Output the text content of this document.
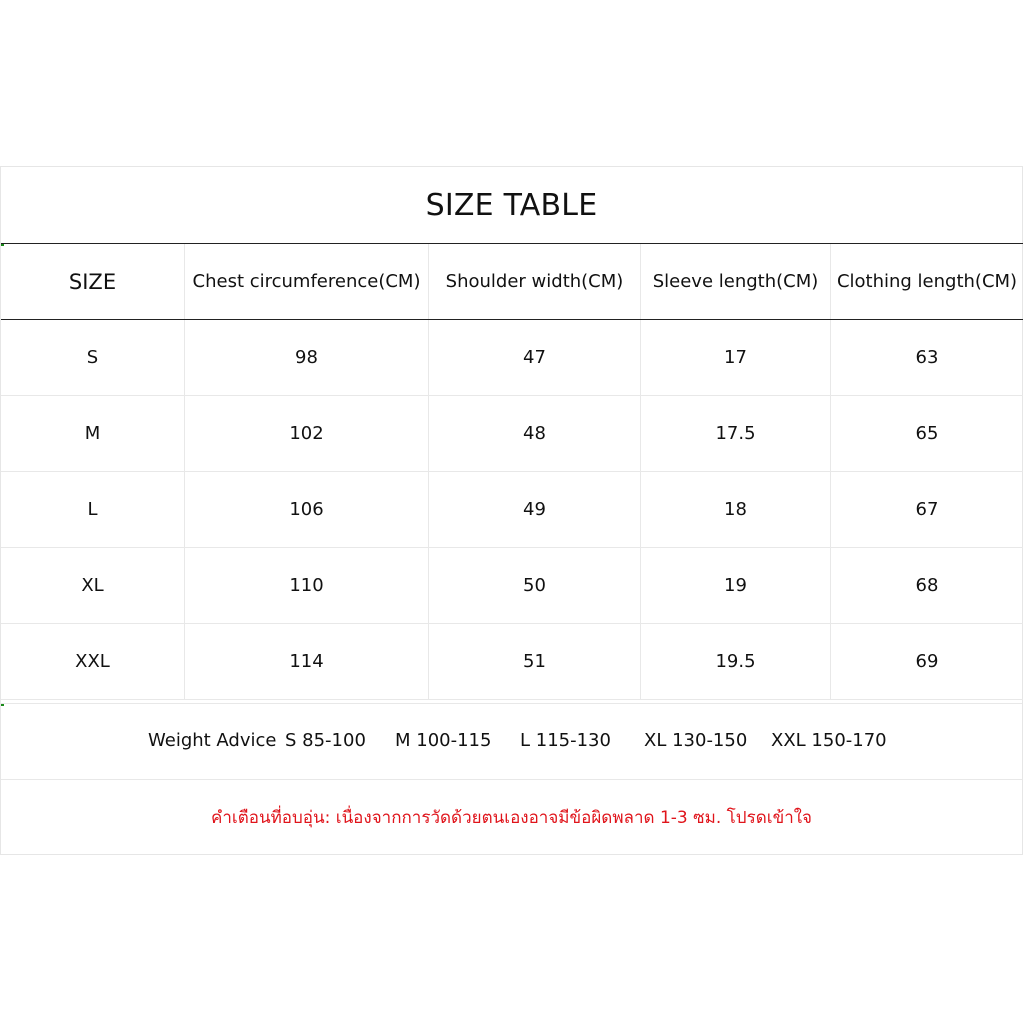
SIZE TABLE
SIZE	Chest circumference(CM)	Shoulder width(CM)	Sleeve length(CM)	Clothing length(CM)
S	98	47	17	63
M	102	48	17.5	65
L	106	49	18	67
XL	110	50	19	68
XXL	114	51	19.5	69
Weight Advice S 85-100 M 100-115 L 115-130 XL 130-150 XXL 150-170
คำเตือนที่อบอุ่น: เนื่องจากการวัดด้วยตนเองอาจมีข้อผิดพลาด 1-3 ซม. โปรดเข้าใจ
